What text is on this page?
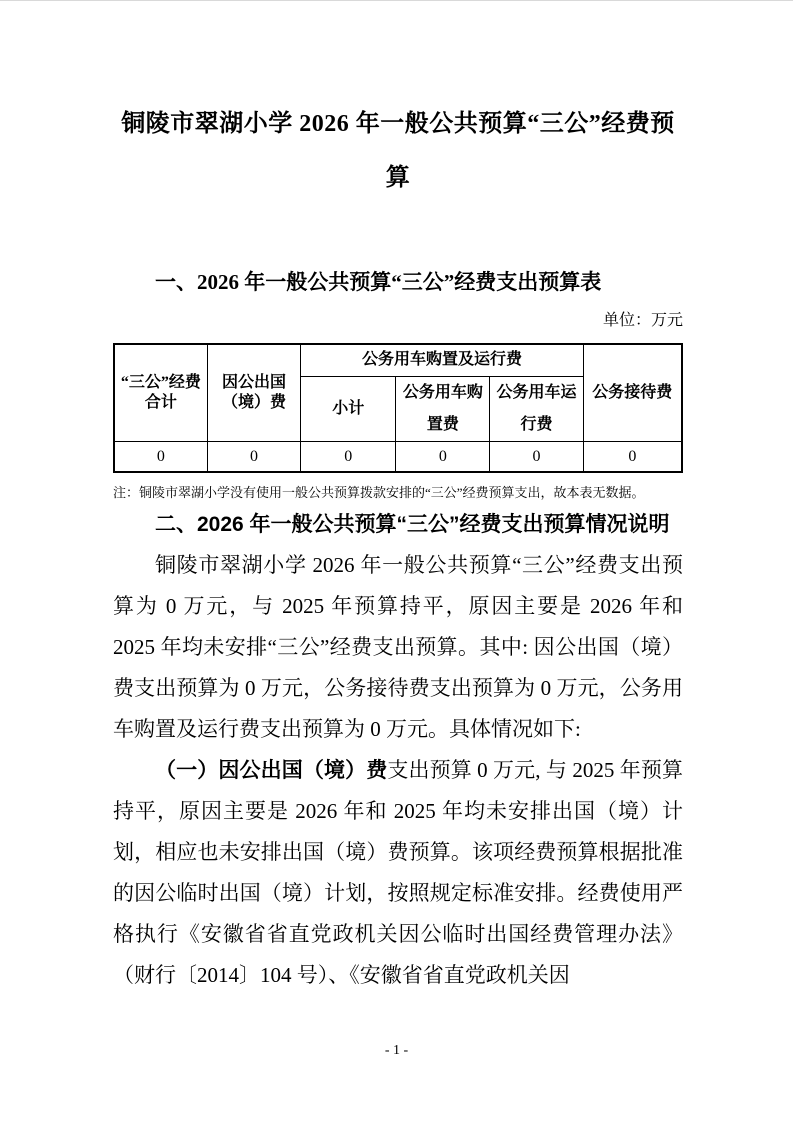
铜陵市翠湖小学 2026 年一般公共预算“三公”经费预算
一、2026 年一般公共预算“三公”经费支出预算表
单位：万元
“三公”经费合计	因公出国（境）费	公务用车购置及运行费			公务接待费
		小计	公务用车购置费	公务用车运行费	
0	0	0	0	0	0
注：铜陵市翠湖小学没有使用一般公共预算拨款安排的“三公”经费预算支出，故本表无数据。
二、2026 年一般公共预算“三公”经费支出预算情况说明

铜陵市翠湖小学 2026 年一般公共预算“三公”经费支出预算为 0 万元，与 2025 年预算持平，原因主要是 2026 年和 2025 年均未安排“三公”经费支出预算。其中: 因公出国（境）费支出预算为 0 万元，公务接待费支出预算为 0 万元，公务用车购置及运行费支出预算为 0 万元。具体情况如下:

（一）因公出国（境）费支出预算 0 万元, 与 2025 年预算持平，原因主要是 2026 年和 2025 年均未安排出国（境）计划，相应也未安排出国（境）费预算。该项经费预算根据批准的因公临时出国（境）计划，按照规定标准安排。经费使用严格执行《安徽省省直党政机关因公临时出国经费管理办法》（财行〔2014〕104 号）、《安徽省省直党政机关因

- 1 -
